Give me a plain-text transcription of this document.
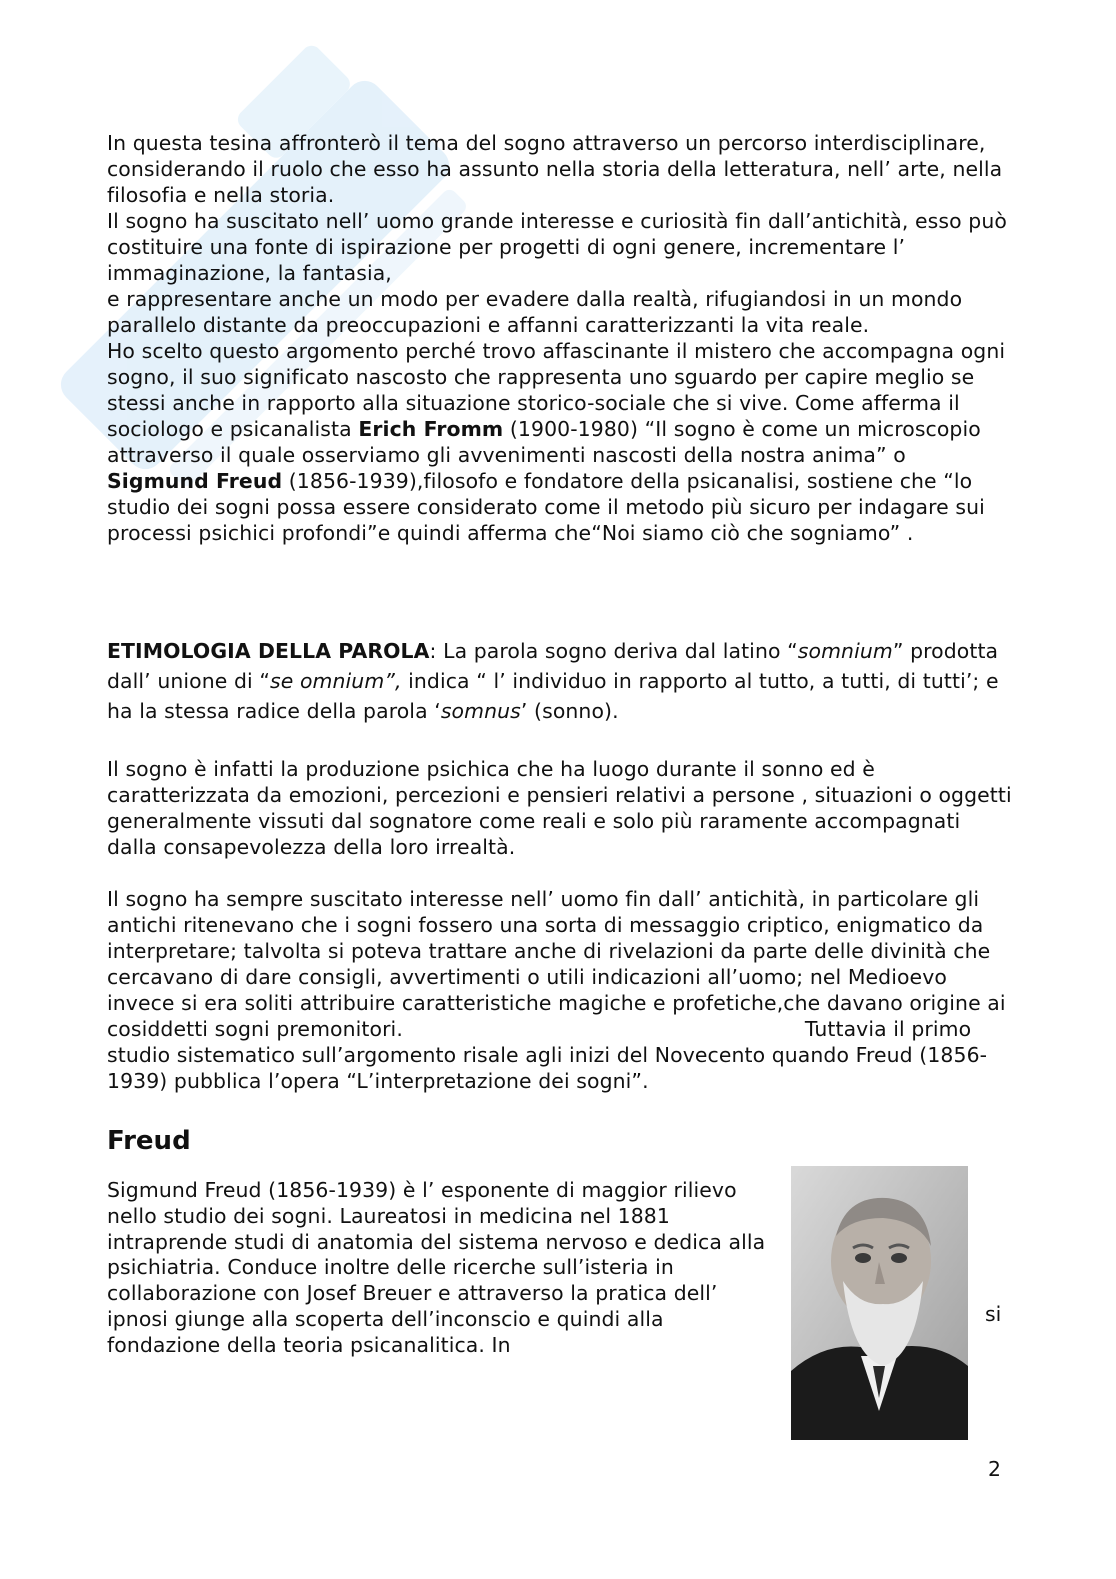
In questa tesina affronterò il tema del sogno attraverso un percorso interdisciplinare, considerando il ruolo che esso ha assunto nella storia della letteratura, nell’ arte, nella filosofia e nella storia.

Il sogno ha suscitato nell’ uomo grande interesse e curiosità fin dall’antichità, esso può costituire una fonte di ispirazione per progetti di ogni genere, incrementare l’ immaginazione, la fantasia,

e rappresentare anche un modo per evadere dalla realtà, rifugiandosi in un mondo parallelo distante da preoccupazioni e affanni caratterizzanti la vita reale.

Ho scelto questo argomento perché trovo affascinante il mistero che accompagna ogni sogno, il suo significato nascosto che rappresenta uno sguardo per capire meglio se stessi anche in rapporto alla situazione storico-sociale che si vive. Come afferma il sociologo e psicanalista Erich Fromm (1900-1980) “Il sogno è come un microscopio attraverso il quale osserviamo gli avvenimenti nascosti della nostra anima” o Sigmund Freud (1856-1939),filosofo e fondatore della psicanalisi, sostiene che “lo studio dei sogni possa essere considerato come il metodo più sicuro per indagare sui processi psichici profondi”e quindi afferma che“Noi siamo ciò che sogniamo” .

ETIMOLOGIA DELLA PAROLA: La parola sogno deriva dal latino “somnium” prodotta dall’ unione di “se omnium”, indica “ l’ individuo in rapporto al tutto, a tutti, di tutti’; e ha la stessa radice della parola ‘somnus’ (sonno).

Il sogno è infatti la produzione psichica che ha luogo durante il sonno ed è caratterizzata da emozioni, percezioni e pensieri relativi a persone , situazioni o oggetti generalmente vissuti dal sognatore come reali e solo più raramente accompagnati dalla consapevolezza della loro irrealtà.

Il sogno ha sempre suscitato interesse nell’ uomo fin dall’ antichità, in particolare gli antichi ritenevano che i sogni fossero una sorta di messaggio criptico, enigmatico da interpretare; talvolta si poteva trattare anche di rivelazioni da parte delle divinità che cercavano di dare consigli, avvertimenti o utili indicazioni all’uomo; nel Medioevo invece si era soliti attribuire caratteristiche magiche e profetiche,che davano origine ai cosiddetti sogni premonitori.	Tuttavia il primo studio sistematico sull’argomento risale agli inizi del Novecento quando Freud (1856-1939) pubblica l’opera “L’interpretazione dei sogni”.

Freud

Sigmund Freud (1856-1939) è l’ esponente di maggior rilievo nello studio dei sogni. Laureatosi in medicina nel 1881 intraprende studi di anatomia del sistema nervoso e dedica alla psichiatria. Conduce inoltre delle ricerche sull’isteria in collaborazione con Josef Breuer e attraverso la pratica dell’ ipnosi giunge alla scoperta dell’inconscio e quindi alla fondazione della teoria psicanalitica. In

si
2
